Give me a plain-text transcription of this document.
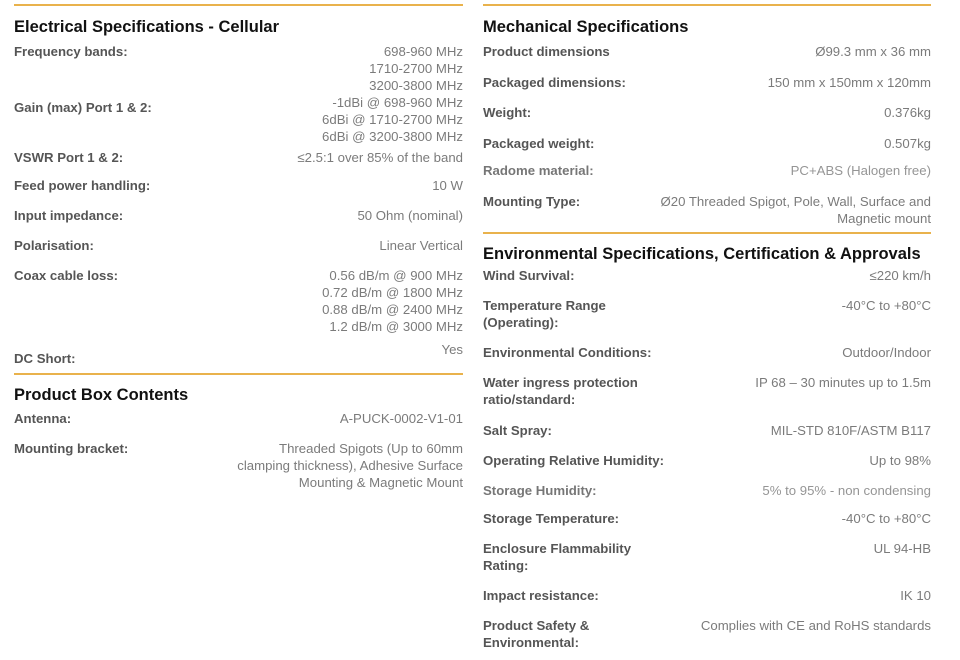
Electrical Specifications - Cellular
Frequency bands:	698-960 MHz
1710-2700 MHz
3200-3800 MHz
Gain (max) Port 1 & 2:	-1dBi @ 698-960 MHz
6dBi @ 1710-2700 MHz
6dBi @ 3200-3800 MHz
VSWR Port 1 & 2:	≤2.5:1 over 85% of the band
Feed power handling:	10 W
Input impedance:	50 Ohm (nominal)
Polarisation:	Linear Vertical
Coax cable loss:	0.56 dB/m @ 900 MHz
0.72 dB/m @ 1800 MHz
0.88 dB/m @ 2400 MHz
1.2 dB/m @ 3000 MHz
DC Short:
Yes
Product Box Contents
Antenna:	A-PUCK-0002-V1-01
Mounting bracket:	Threaded Spigots (Up to 60mm
clamping thickness), Adhesive Surface
Mounting & Magnetic Mount
Mechanical Specifications
Product dimensions	Ø99.3 mm x 36 mm
Packaged dimensions:	150 mm x 150mm x 120mm
Weight:	0.376kg
Packaged weight:	0.507kg
Radome material:	PC+ABS (Halogen free)
Mounting Type:	Ø20 Threaded Spigot, Pole, Wall, Surface and
Magnetic mount
Environmental Specifications, Certification & Approvals
Wind Survival:	≤220 km/h
Temperature Range
(Operating):
-40°C to +80°C
Environmental Conditions:	Outdoor/Indoor
Water ingress protection
ratio/standard:
IP 68 – 30 minutes up to 1.5m
Salt Spray:	MIL-STD 810F/ASTM B117
Operating Relative Humidity:	Up to 98%
Storage Humidity:	5% to 95% - non condensing
Storage Temperature:	-40°C to +80°C
Enclosure Flammability
Rating:
UL 94-HB
Impact resistance:	IK 10
Product Safety &
Environmental:
Complies with CE and RoHS standards
